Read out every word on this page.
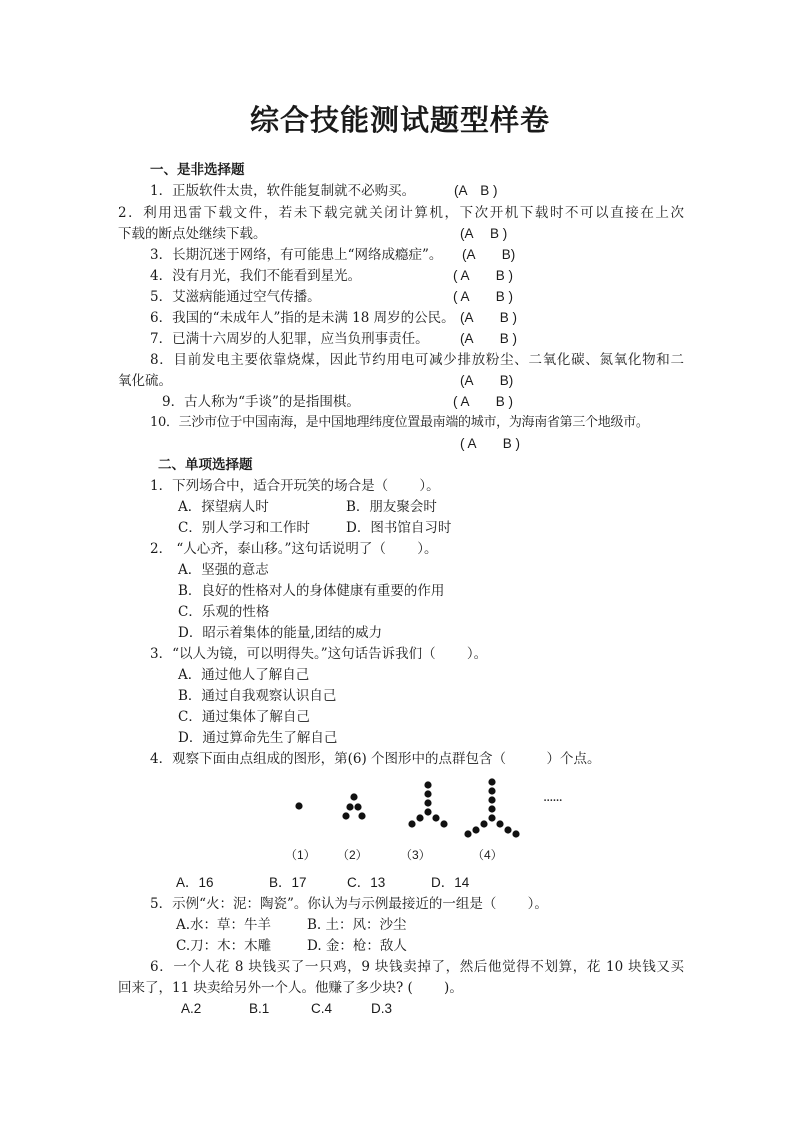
综合技能测试题型样卷
一、是非选择题
1．正版软件太贵，软件能复制就不必购买。	(A　B )
2．利用迅雷下载文件，若未下载完就关闭计算机，下次开机下载时不可以直接在上次
下载的断点处继续下载。	(A　 B )
3．长期沉迷于网络，有可能患上“网络成瘾症”。 (A　　B)
4．没有月光，我们不能看到星光。	( A　　B )
5．艾滋病能通过空气传播。	( A　　B )
6．我国的“未成年人”指的是未满 18 周岁的公民。 (A　　B )
7．已满十六周岁的人犯罪，应当负刑事责任。 (A　　B )
8．目前发电主要依靠烧煤，因此节约用电可减少排放粉尘、二氧化碳、氮氧化物和二
氧化硫。	(A　　B)
9．古人称为“手谈”的是指围棋。	( A　　B )
10．三沙市位于中国南海，是中国地理纬度位置最南端的城市，为海南省第三个地级市。
( A　　B )
二、单项选择题
1．下列场合中，适合开玩笑的场合是（　　 ）。
A．探望病人时	B．朋友聚会时
C．别人学习和工作时	D．图书馆自习时
2． “人心齐，泰山移。”这句话说明了（　　 ）。
A．坚强的意志
B．良好的性格对人的身体健康有重要的作用
C．乐观的性格
D．昭示着集体的能量,团结的威力
3．“以人为镜，可以明得失。”这句话告诉我们（　　 ）。
A．通过他人了解自己
B．通过自我观察认识自己
C．通过集体了解自己
D．通过算命先生了解自己
4．观察下面由点组成的图形，第(6) 个图形中的点群包含（　　　）个点。
......
（1） （2）	（3）	（4）
A．16	B．17	C．13	D．14
5．示例“火：泥：陶瓷”。你认为与示例最接近的一组是（　　 ）。
A.水：草：牛羊	B. 土：风：沙尘
C.刀：木：木雕	D. 金：枪：敌人
6．一个人花 8 块钱买了一只鸡，9 块钱卖掉了，然后他觉得不划算，花 10 块钱又买
回来了，11 块卖给另外一个人。他赚了多少块? (　　 )。
A.2	B.1	C.4	D.3
